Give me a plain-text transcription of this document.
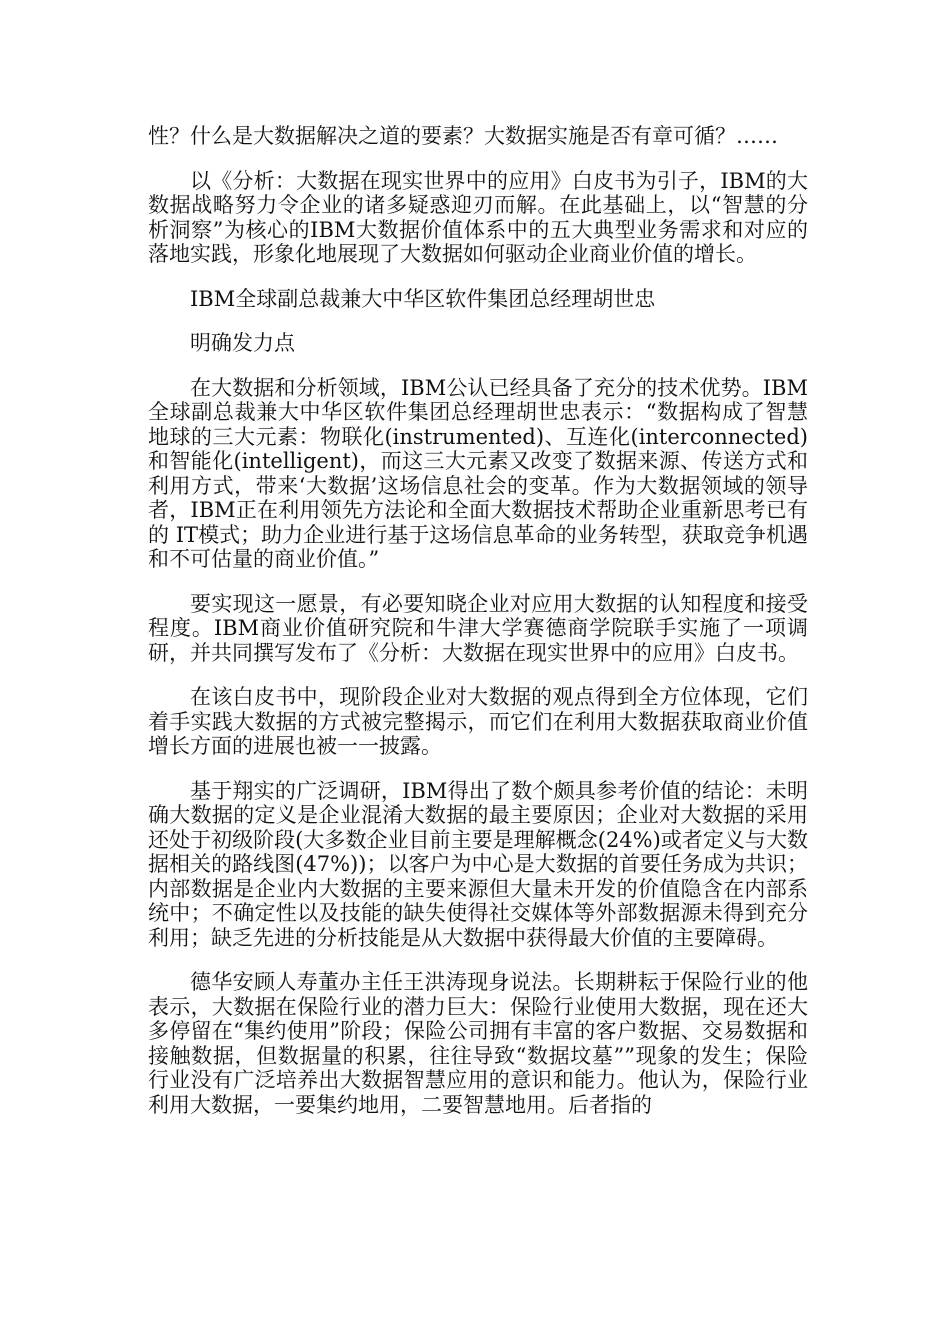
性？什么是大数据解决之道的要素？大数据实施是否有章可循？……

以《分析：大数据在现实世界中的应用》白皮书为引子，IBM的大数据战略努力令企业的诸多疑惑迎刃而解。在此基础上，以“智慧的分析洞察”为核心的IBM大数据价值体系中的五大典型业务需求和对应的落地实践，形象化地展现了大数据如何驱动企业商业价值的增长。

IBM全球副总裁兼大中华区软件集团总经理胡世忠

明确发力点

在大数据和分析领域，IBM公认已经具备了充分的技术优势。IBM全球副总裁兼大中华区软件集团总经理胡世忠表示：“数据构成了智慧地球的三大元素：物联化(instrumented)、互连化(interconnected)和智能化(intelligent)，而这三大元素又改变了数据来源、传送方式和利用方式，带来‘大数据’这场信息社会的变革。作为大数据领域的领导者，IBM正在利用领先方法论和全面大数据技术帮助企业重新思考已有的 IT模式；助力企业进行基于这场信息革命的业务转型，获取竞争机遇和不可估量的商业价值。”

要实现这一愿景，有必要知晓企业对应用大数据的认知程度和接受程度。IBM商业价值研究院和牛津大学赛德商学院联手实施了一项调研，并共同撰写发布了《分析：大数据在现实世界中的应用》白皮书。

在该白皮书中，现阶段企业对大数据的观点得到全方位体现，它们着手实践大数据的方式被完整揭示，而它们在利用大数据获取商业价值增长方面的进展也被一一披露。

基于翔实的广泛调研，IBM得出了数个颇具参考价值的结论：未明确大数据的定义是企业混淆大数据的最主要原因；企业对大数据的采用还处于初级阶段(大多数企业目前主要是理解概念(24%)或者定义与大数据相关的路线图(47%))；以客户为中心是大数据的首要任务成为共识；内部数据是企业内大数据的主要来源但大量未开发的价值隐含在内部系统中；不确定性以及技能的缺失使得社交媒体等外部数据源未得到充分利用；缺乏先进的分析技能是从大数据中获得最大价值的主要障碍。

德华安顾人寿董办主任王洪涛现身说法。长期耕耘于保险行业的他表示，大数据在保险行业的潜力巨大：保险行业使用大数据，现在还大多停留在“集约使用”阶段；保险公司拥有丰富的客户数据、交易数据和接触数据，但数据量的积累，往往导致“数据坟墓””现象的发生；保险行业没有广泛培养出大数据智慧应用的意识和能力。他认为，保险行业利用大数据，一要集约地用，二要智慧地用。后者指的
